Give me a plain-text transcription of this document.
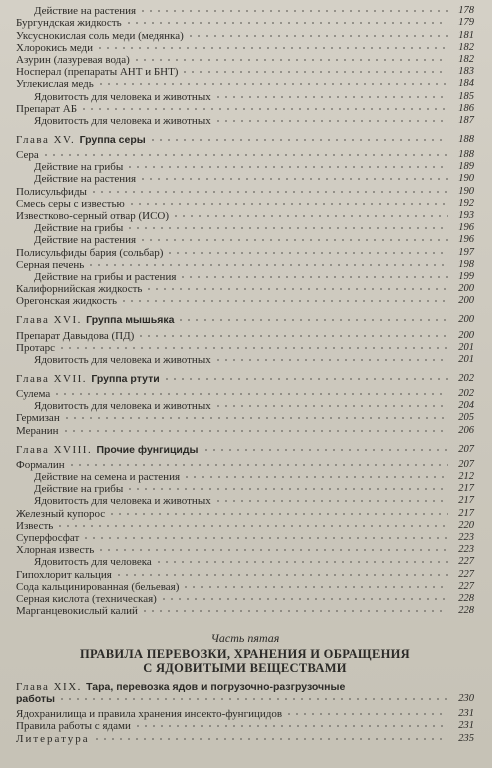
Действие на растения	178
Бургундская жидкость	179
Уксуснокислая соль меди (медянка)	181
Хлорокись меди	182
Азурин (лазуревая вода)	182
Носперал (препараты АНТ и БНТ)	183
Углекислая медь	184
Ядовитость для человека и животных	185
Препарат АБ	186
Ядовитость для человека и животных	187
Глава XV. Группа серы	188
Сера	188
Действие на грибы	189
Действие на растения	190
Полисульфиды	190
Смесь серы с известью	192
Известково-серный отвар (ИСО)	193
Действие на грибы	196
Действие на растения	196
Полисульфиды бария (сольбар)	197
Серная печень	198
Действие на грибы и растения	199
Калифорнийская жидкость	200
Орегонская жидкость	200
Глава XVI. Группа мышьяка	200
Препарат Давыдова (ПД)	200
Протарс	201
Ядовитость для человека и животных	201
Глава XVII. Группа ртути	202
Сулема	202
Ядовитость для человека и животных	204
Гермизан	205
Меранин	206
Глава XVIII. Прочие фунгициды	207
Формалин	207
Действие на семена и растения	212
Действие на грибы	217
Ядовитость для человека и животных	217
Железный купорос	217
Известь	220
Суперфосфат	223
Хлорная известь	223
Ядовитость для человека	227
Гипохлорит кальция	227
Сода кальцинированная (бельевая)	227
Серная кислота (техническая)	228
Марганцевокислый калий	228
Часть пятая
ПРАВИЛА ПЕРЕВОЗКИ, ХРАНЕНИЯ И ОБРАЩЕНИЯ
С ЯДОВИТЫМИ ВЕЩЕСТВАМИ
Глава XIX. Тара, перевозка ядов и погрузочно-разгрузочные
работы	230
Ядохранилища и правила хранения инсекто-фунгицидов	231
Правила работы с ядами	231
Литература	235
